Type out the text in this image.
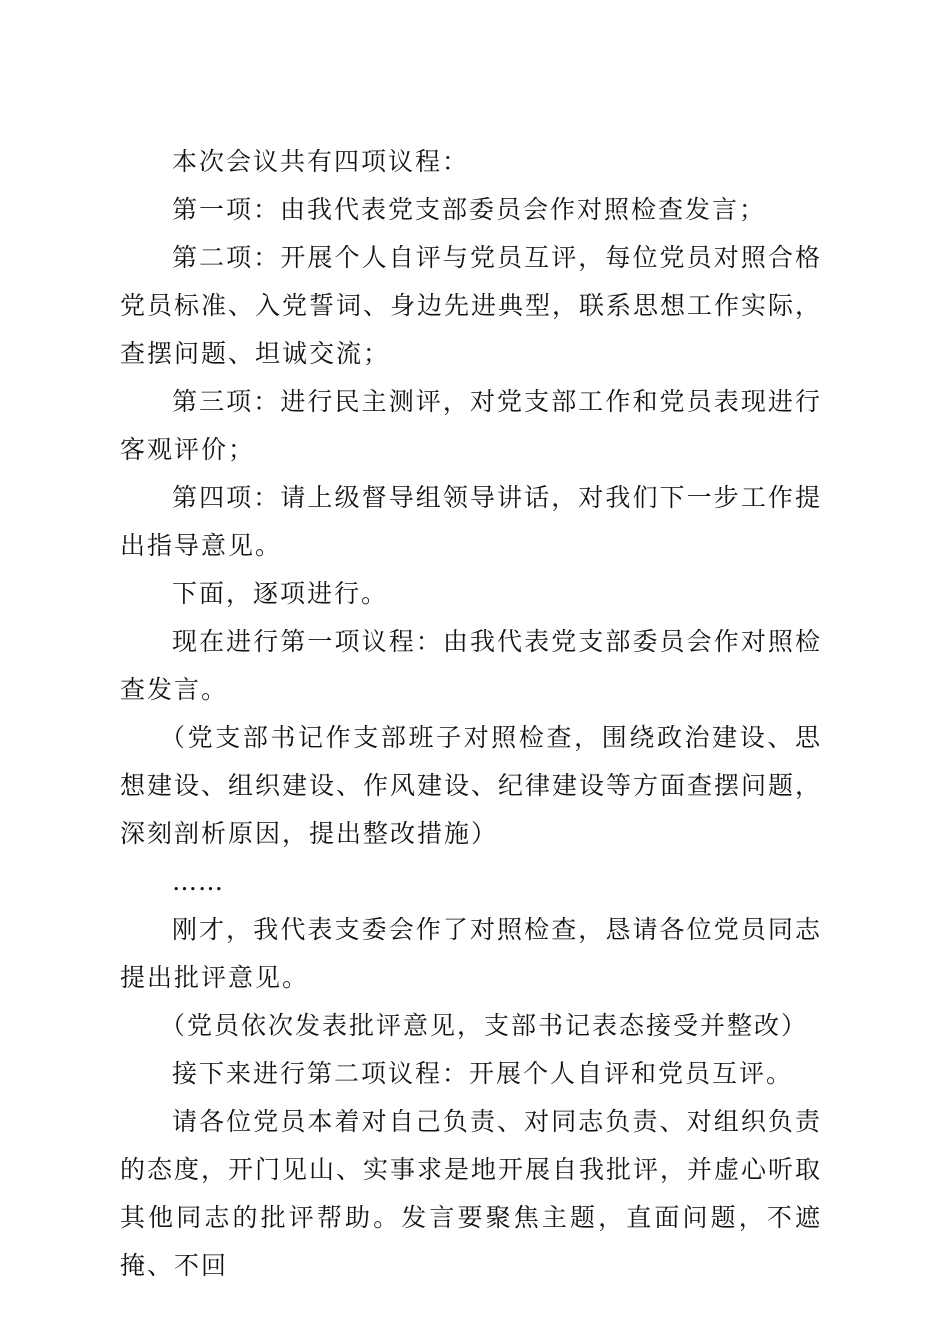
本次会议共有四项议程：

第一项：由我代表党支部委员会作对照检查发言；

第二项：开展个人自评与党员互评，每位党员对照合格党员标准、入党誓词、身边先进典型，联系思想工作实际，查摆问题、坦诚交流；

第三项：进行民主测评，对党支部工作和党员表现进行客观评价；

第四项：请上级督导组领导讲话，对我们下一步工作提出指导意见。

下面，逐项进行。

现在进行第一项议程：由我代表党支部委员会作对照检查发言。

（党支部书记作支部班子对照检查，围绕政治建设、思想建设、组织建设、作风建设、纪律建设等方面查摆问题，深刻剖析原因，提出整改措施）

……

刚才，我代表支委会作了对照检查，恳请各位党员同志提出批评意见。

（党员依次发表批评意见，支部书记表态接受并整改）

接下来进行第二项议程：开展个人自评和党员互评。

请各位党员本着对自己负责、对同志负责、对组织负责的态度，开门见山、实事求是地开展自我批评，并虚心听取其他同志的批评帮助。发言要聚焦主题，直面问题，不遮掩、不回
